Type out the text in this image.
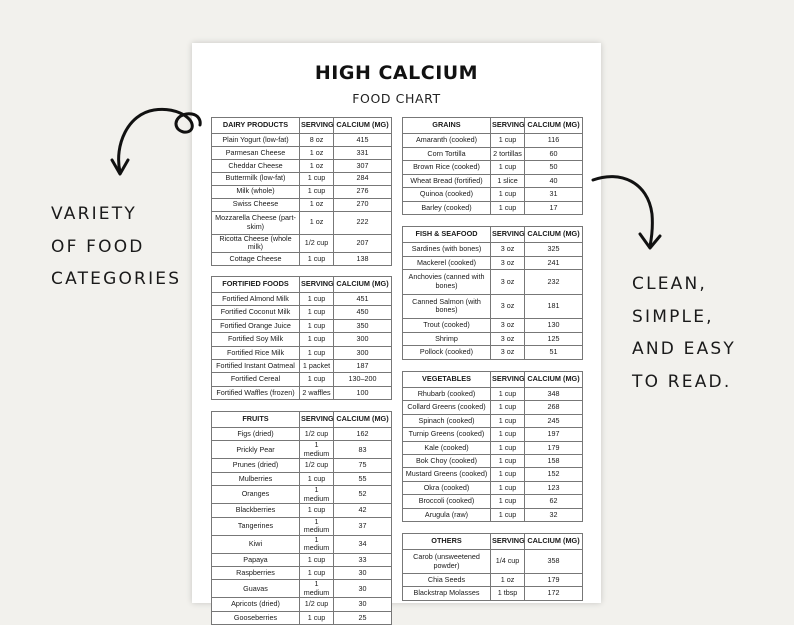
HIGH CALCIUM
FOOD CHART
VARIETY
OF FOOD
CATEGORIES	CLEAN,
SIMPLE,
AND EASY
TO READ.
DAIRY PRODUCTS	SERVING	CALCIUM (MG)
Plain Yogurt (low-fat)	8 oz	415
Parmesan Cheese	1 oz	331
Cheddar Cheese	1 oz	307
Buttermilk (low-fat)	1 cup	284
Milk (whole)	1 cup	276
Swiss Cheese	1 oz	270
Mozzarella Cheese (part-skim)	1 oz	222
Ricotta Cheese (whole milk)	1/2 cup	207
Cottage Cheese	1 cup	138
FORTIFIED FOODS	SERVING	CALCIUM (MG)
Fortified Almond Milk	1 cup	451
Fortified Coconut Milk	1 cup	450
Fortified Orange Juice	1 cup	350
Fortified Soy Milk	1 cup	300
Fortified Rice Milk	1 cup	300
Fortified Instant Oatmeal	1 packet	187
Fortified Cereal	1 cup	130–200
Fortified Waffles (frozen)	2 waffles	100
FRUITS	SERVING	CALCIUM (MG)
Figs (dried)	1/2 cup	162
Prickly Pear	1 medium	83
Prunes (dried)	1/2 cup	75
Mulberries	1 cup	55
Oranges	1 medium	52
Blackberries	1 cup	42
Tangerines	1 medium	37
Kiwi	1 medium	34
Papaya	1 cup	33
Raspberries	1 cup	30
Guavas	1 medium	30
Apricots (dried)	1/2 cup	30
Gooseberries	1 cup	25
GRAINS	SERVING	CALCIUM (MG)
Amaranth (cooked)	1 cup	116
Corn Tortilla	2 tortillas	60
Brown Rice (cooked)	1 cup	50
Wheat Bread (fortified)	1 slice	40
Quinoa (cooked)	1 cup	31
Barley (cooked)	1 cup	17
FISH & SEAFOOD	SERVING	CALCIUM (MG)
Sardines (with bones)	3 oz	325
Mackerel (cooked)	3 oz	241
Anchovies (canned with bones)	3 oz	232
Canned Salmon (with bones)	3 oz	181
Trout (cooked)	3 oz	130
Shrimp	3 oz	125
Pollock (cooked)	3 oz	51
VEGETABLES	SERVING	CALCIUM (MG)
Rhubarb (cooked)	1 cup	348
Collard Greens (cooked)	1 cup	268
Spinach (cooked)	1 cup	245
Turnip Greens (cooked)	1 cup	197
Kale (cooked)	1 cup	179
Bok Choy (cooked)	1 cup	158
Mustard Greens (cooked)	1 cup	152
Okra (cooked)	1 cup	123
Broccoli (cooked)	1 cup	62
Arugula (raw)	1 cup	32
OTHERS	SERVING	CALCIUM (MG)
Carob (unsweetened powder)	1/4 cup	358
Chia Seeds	1 oz	179
Blackstrap Molasses	1 tbsp	172
